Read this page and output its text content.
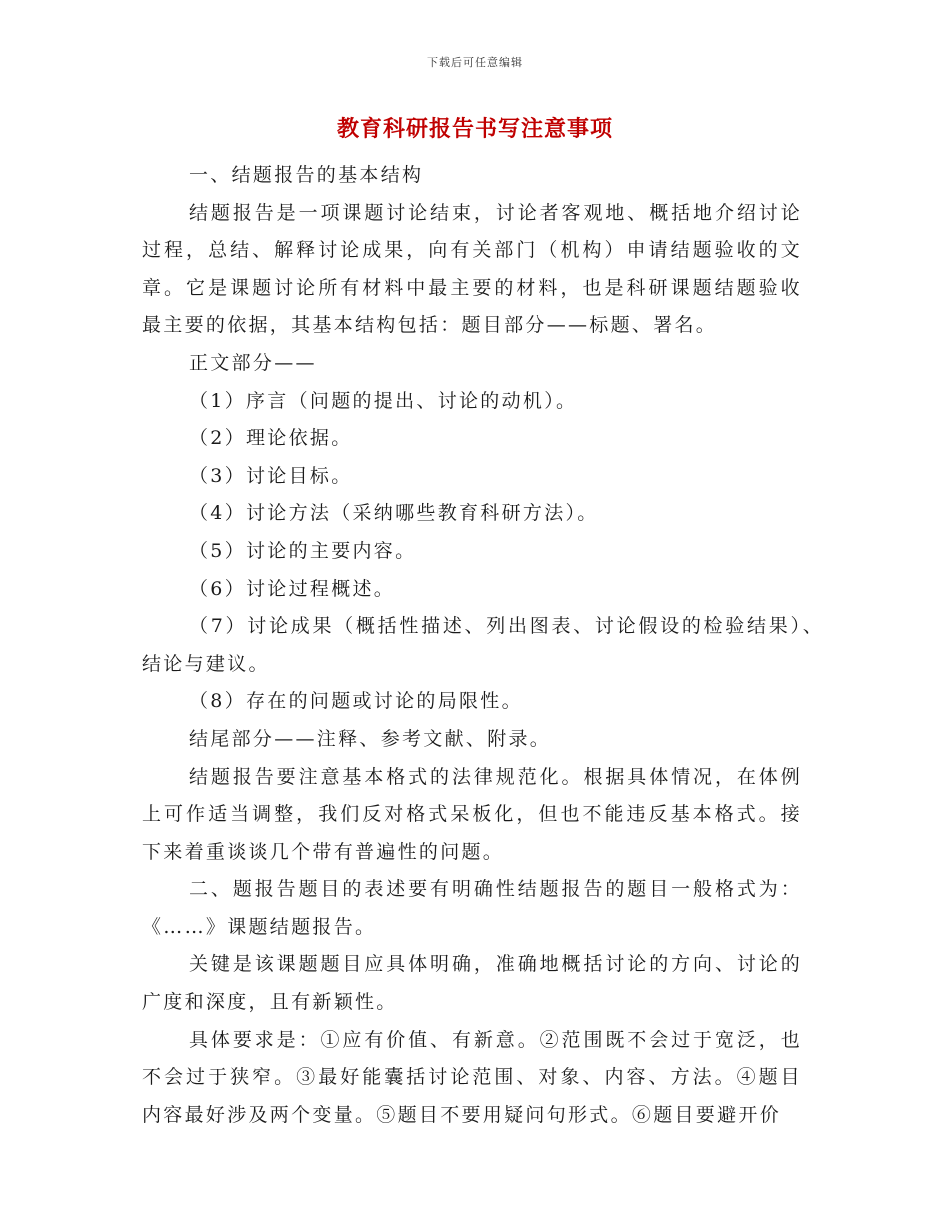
下载后可任意编辑
教育科研报告书写注意事项

一、结题报告的基本结构

结题报告是一项课题讨论结束，讨论者客观地、概括地介绍讨论过程，总结、解释讨论成果，向有关部门（机构）申请结题验收的文章。它是课题讨论所有材料中最主要的材料，也是科研课题结题验收最主要的依据，其基本结构包括：题目部分——标题、署名。

正文部分——

（1）序言（问题的提出、讨论的动机）。

（2）理论依据。

（3）讨论目标。

（4）讨论方法（采纳哪些教育科研方法）。

（5）讨论的主要内容。

（6）讨论过程概述。

（7）讨论成果（概括性描述、列出图表、讨论假设的检验结果）、结论与建议。

（8）存在的问题或讨论的局限性。

结尾部分——注释、参考文献、附录。

结题报告要注意基本格式的法律规范化。根据具体情况，在体例上可作适当调整，我们反对格式呆板化，但也不能违反基本格式。接下来着重谈谈几个带有普遍性的问题。

二、题报告题目的表述要有明确性结题报告的题目一般格式为：《……》课题结题报告。

关键是该课题题目应具体明确，准确地概括讨论的方向、讨论的广度和深度，且有新颖性。

具体要求是：①应有价值、有新意。②范围既不会过于宽泛，也不会过于狭窄。③最好能囊括讨论范围、对象、内容、方法。④题目内容最好涉及两个变量。⑤题目不要用疑问句形式。⑥题目要避开价
